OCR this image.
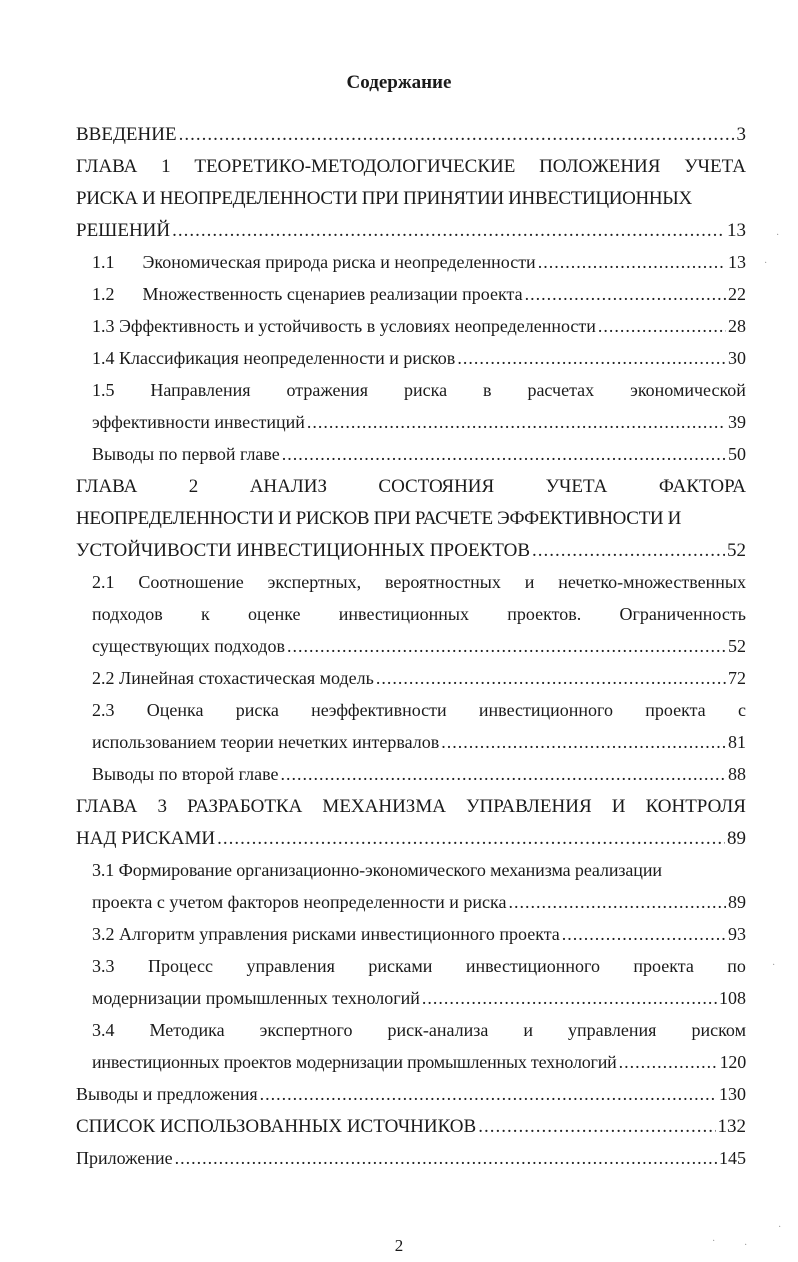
Содержание
ВВЕДЕНИЕ .....	3
ГЛАВА 1 ТЕОРЕТИКО-МЕТОДОЛОГИЧЕСКИЕ ПОЛОЖЕНИЯ УЧЕТА
РИСКА И НЕОПРЕДЕЛЕННОСТИ ПРИ ПРИНЯТИИ ИНВЕСТИЦИОННЫХ
РЕШЕНИЙ .....	13
1.1 Экономическая природа риска и неопределенности .....	13
1.2 Множественность сценариев реализации проекта .....	22
1.3 Эффективность и устойчивость в условиях неопределенности .....	28
1.4 Классификация неопределенности и рисков .....	30
1.5 Направления отражения риска в расчетах экономической
эффективности инвестиций .....	39
Выводы по первой главе .....	50
ГЛАВА	2	АНАЛИЗ	СОСТОЯНИЯ	УЧЕТА	ФАКТОРА
НЕОПРЕДЕЛЕННОСТИ И РИСКОВ ПРИ РАСЧЕТЕ ЭФФЕКТИВНОСТИ И
УСТОЙЧИВОСТИ ИНВЕСТИЦИОННЫХ ПРОЕКТОВ .....	52
2.1 Соотношение экспертных, вероятностных и нечетко-множественных
подходов к оценке инвестиционных проектов. Ограниченность
существующих подходов .....	52
2.2 Линейная стохастическая модель .....	72
2.3 Оценка риска неэффективности инвестиционного проекта с
использованием теории нечетких интервалов .....	81
Выводы по второй главе .....	88
ГЛАВА 3 РАЗРАБОТКА МЕХАНИЗМА УПРАВЛЕНИЯ И КОНТРОЛЯ
НАД РИСКАМИ .....	89
3.1 Формирование организационно-экономического механизма реализации
проекта с учетом факторов неопределенности и риска .....	89
3.2 Алгоритм управления рисками инвестиционного проекта .....	93
3.3 Процесс управления рисками инвестиционного проекта по
модернизации промышленных технологий .....	108
3.4 Методика экспертного риск-анализа и управления риском
инвестиционных проектов модернизации промышленных технологий .....	120
Выводы и предложения .....	130
СПИСОК ИСПОЛЬЗОВАННЫХ ИСТОЧНИКОВ .....	132
Приложение .....	145
·
·
·
·
·	·
2
